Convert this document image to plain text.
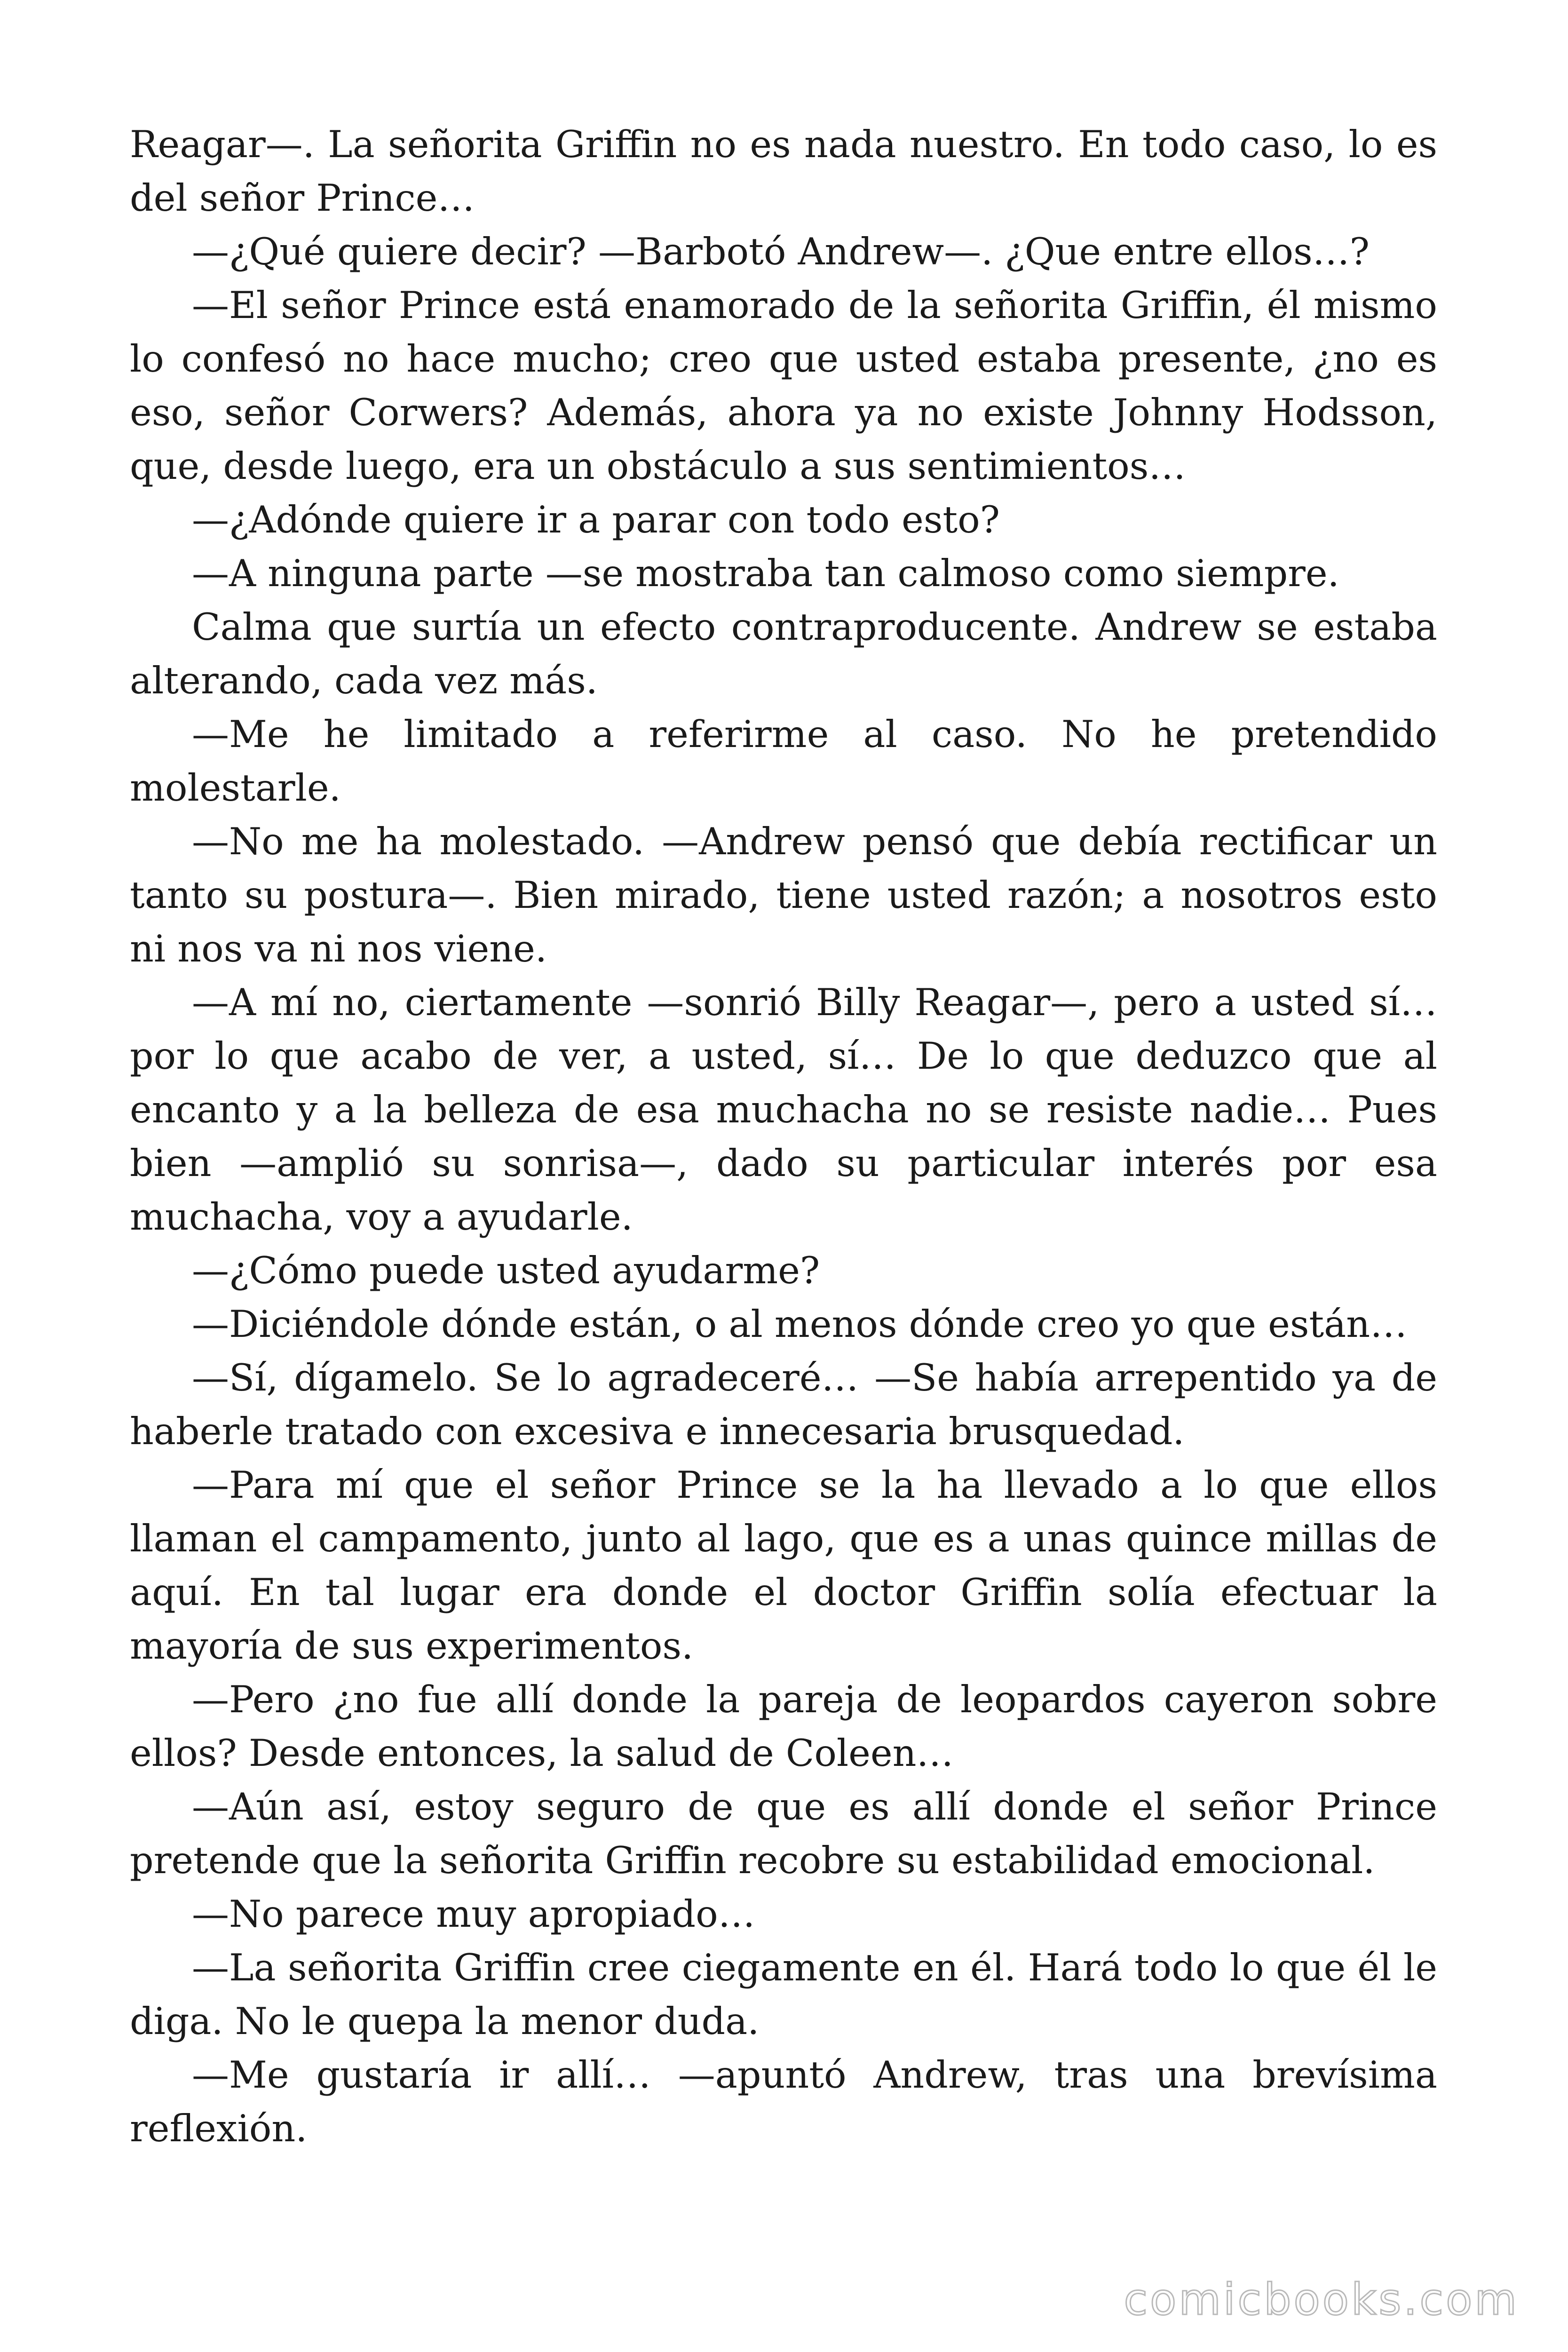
Reagar—. La señorita Griffin no es nada nuestro. En todo caso, lo es del señor Prince…

—¿Qué quiere decir? —Barbotó Andrew—. ¿Que entre ellos…?

—El señor Prince está enamorado de la señorita Griffin, él mismo lo confesó no hace mucho; creo que usted estaba presente, ¿no es eso, señor Corwers? Además, ahora ya no existe Johnny Hodsson, que, desde luego, era un obstáculo a sus sentimientos…

—¿Adónde quiere ir a parar con todo esto?

—A ninguna parte —se mostraba tan calmoso como siempre.

Calma que surtía un efecto contraproducente. Andrew se estaba alterando, cada vez más.

—Me he limitado a referirme al caso. No he pretendido molestarle.

—No me ha molestado. —Andrew pensó que debía rectificar un tanto su postura—. Bien mirado, tiene usted razón; a nosotros esto ni nos va ni nos viene.

—A mí no, ciertamente —sonrió Billy Reagar—, pero a usted sí… por lo que acabo de ver, a usted, sí… De lo que deduzco que al encanto y a la belleza de esa muchacha no se resiste nadie… Pues bien —amplió su sonrisa—, dado su particular interés por esa muchacha, voy a ayudarle.

—¿Cómo puede usted ayudarme?

—Diciéndole dónde están, o al menos dónde creo yo que están…

—Sí, dígamelo. Se lo agradeceré… —Se había arrepentido ya de haberle tratado con excesiva e innecesaria brusquedad.

—Para mí que el señor Prince se la ha llevado a lo que ellos llaman el campamento, junto al lago, que es a unas quince millas de aquí. En tal lugar era donde el doctor Griffin solía efectuar la mayoría de sus experimentos.

—Pero ¿no fue allí donde la pareja de leopardos cayeron sobre ellos? Desde entonces, la salud de Coleen…

—Aún así, estoy seguro de que es allí donde el señor Prince pretende que la señorita Griffin recobre su estabilidad emocional.

—No parece muy apropiado…

—La señorita Griffin cree ciegamente en él. Hará todo lo que él le diga. No le quepa la menor duda.

—Me gustaría ir allí… —apuntó Andrew, tras una brevísima reflexión.

comicbooks.com
